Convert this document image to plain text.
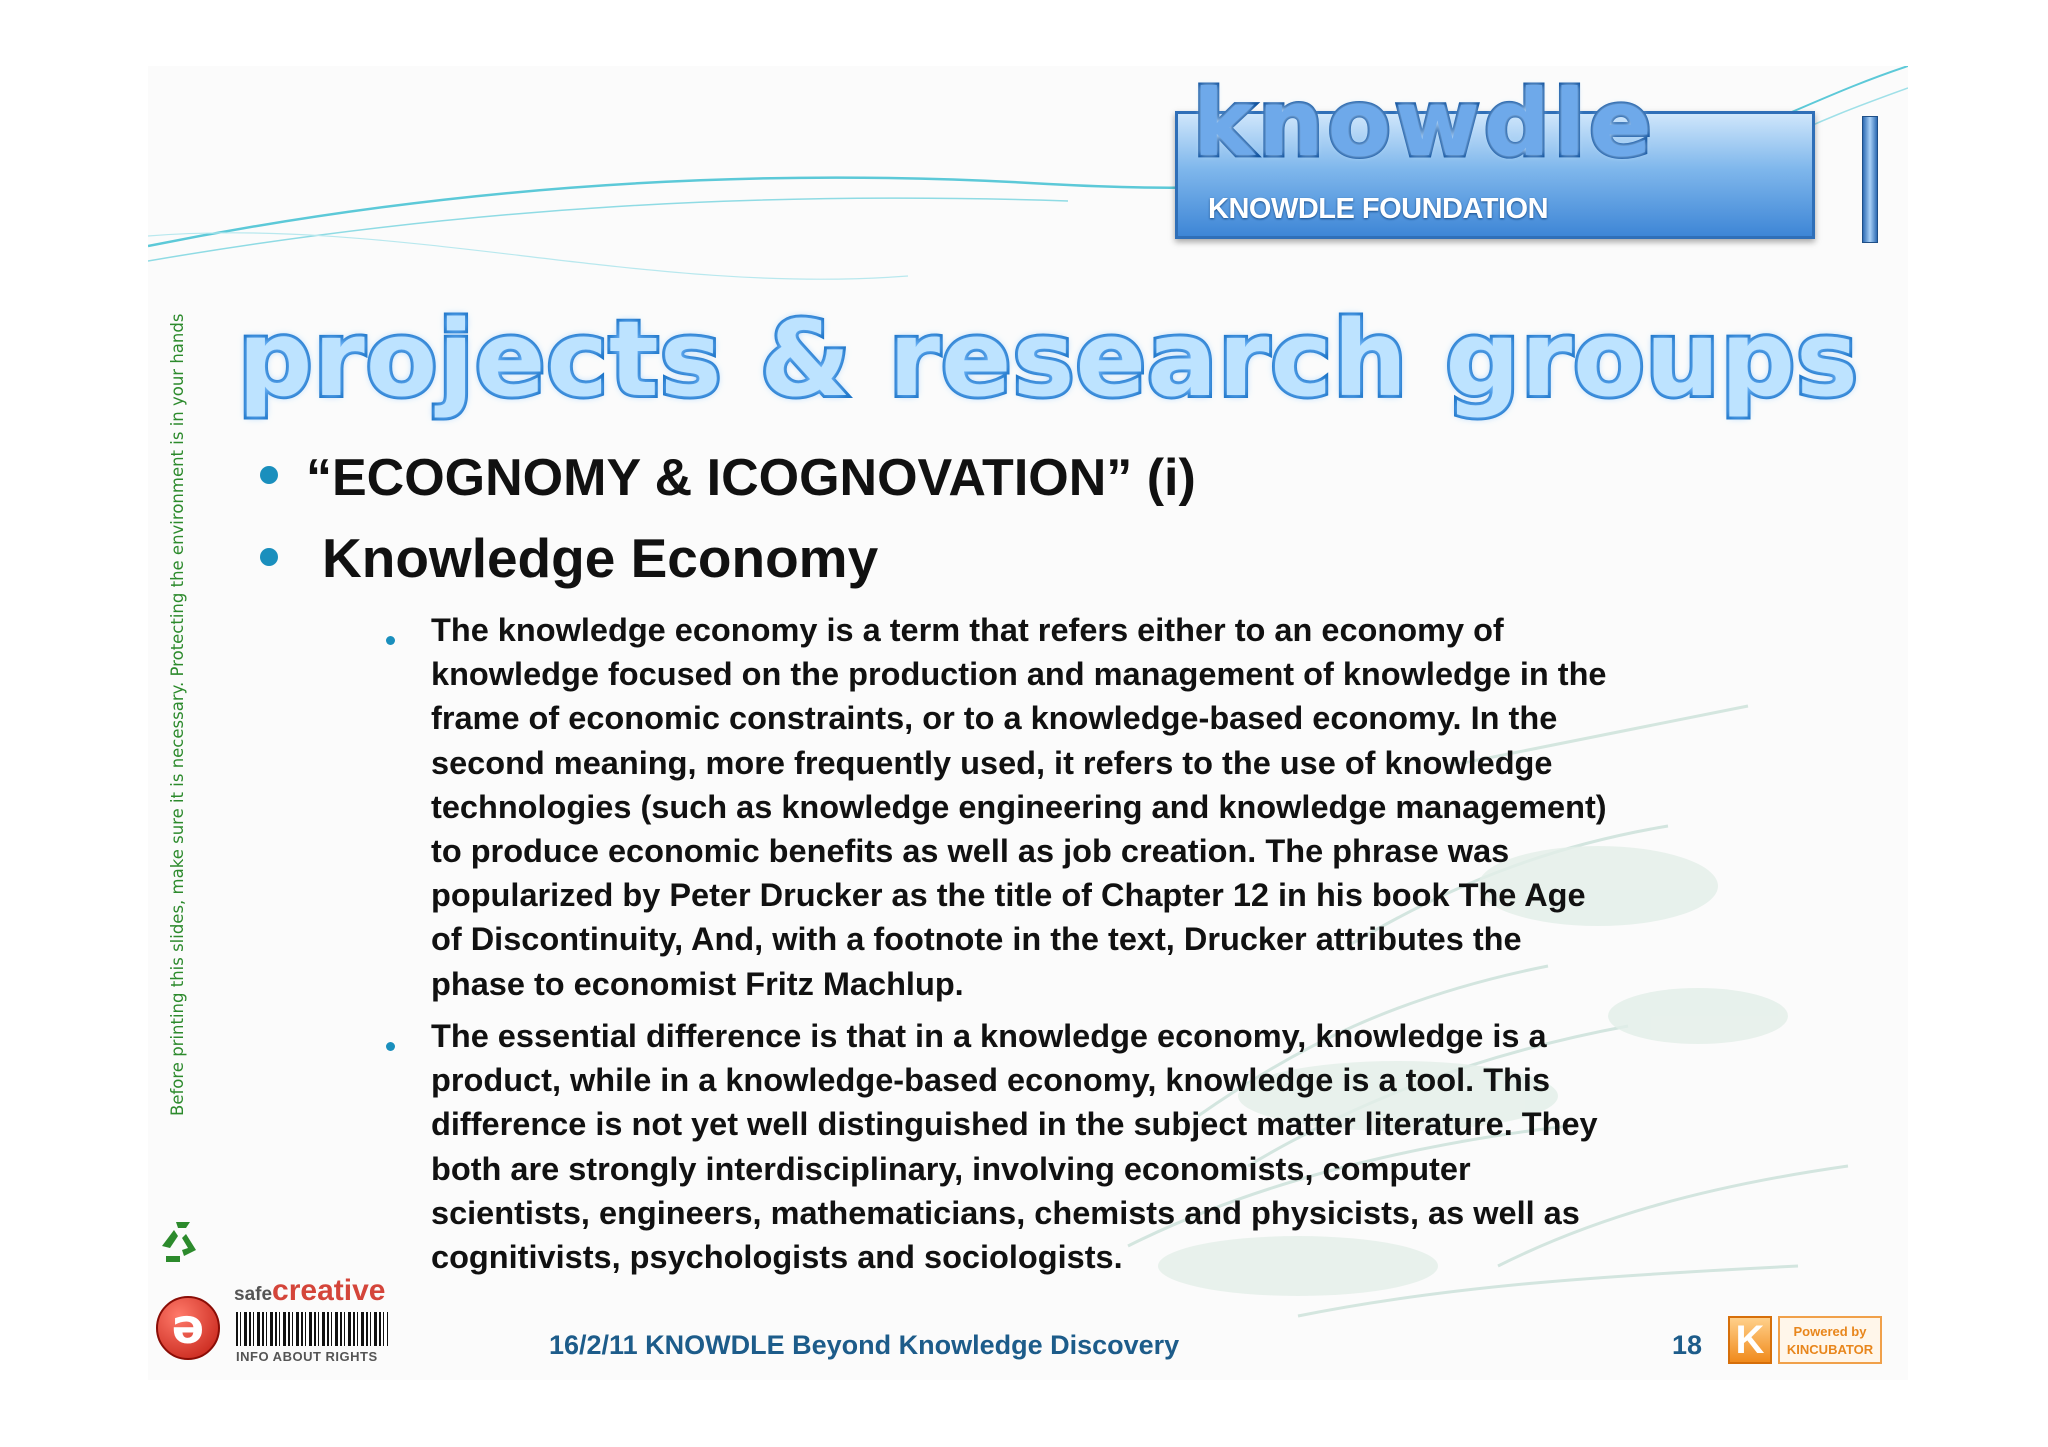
knowdle
KNOWDLE FOUNDATION
projects & research groups
Before printing this slides, make sure it is necessary. Protecting the environment is in your hands “ECOGNOMY & ICOGNOVATION” (i)
Knowledge Economy
The knowledge economy is a term that refers either to an economy of knowledge focused on the production and management of knowledge in the frame of economic constraints, or to a knowledge-based economy. In the second meaning, more frequently used, it refers to the use of knowledge technologies (such as knowledge engineering and knowledge management) to produce economic benefits as well as job creation. The phrase was popularized by Peter Drucker as the title of Chapter 12 in his book The Age of Discontinuity, And, with a footnote in the text, Drucker attributes the phase to economist Fritz Machlup.
The essential difference is that in a knowledge economy, knowledge is a product, while in a knowledge-based economy, knowledge is a tool. This difference is not yet well distinguished in the subject matter literature. They both are strongly interdisciplinary, involving economists, computer scientists, engineers, mathematicians, chemists and physicists, as well as cognitivists, psychologists and sociologists.
16/2/11 KNOWDLE Beyond Knowledge Discovery	18 K	Powered by
KINCUBATOR
ə
safecreative
INFO ABOUT RIGHTS
